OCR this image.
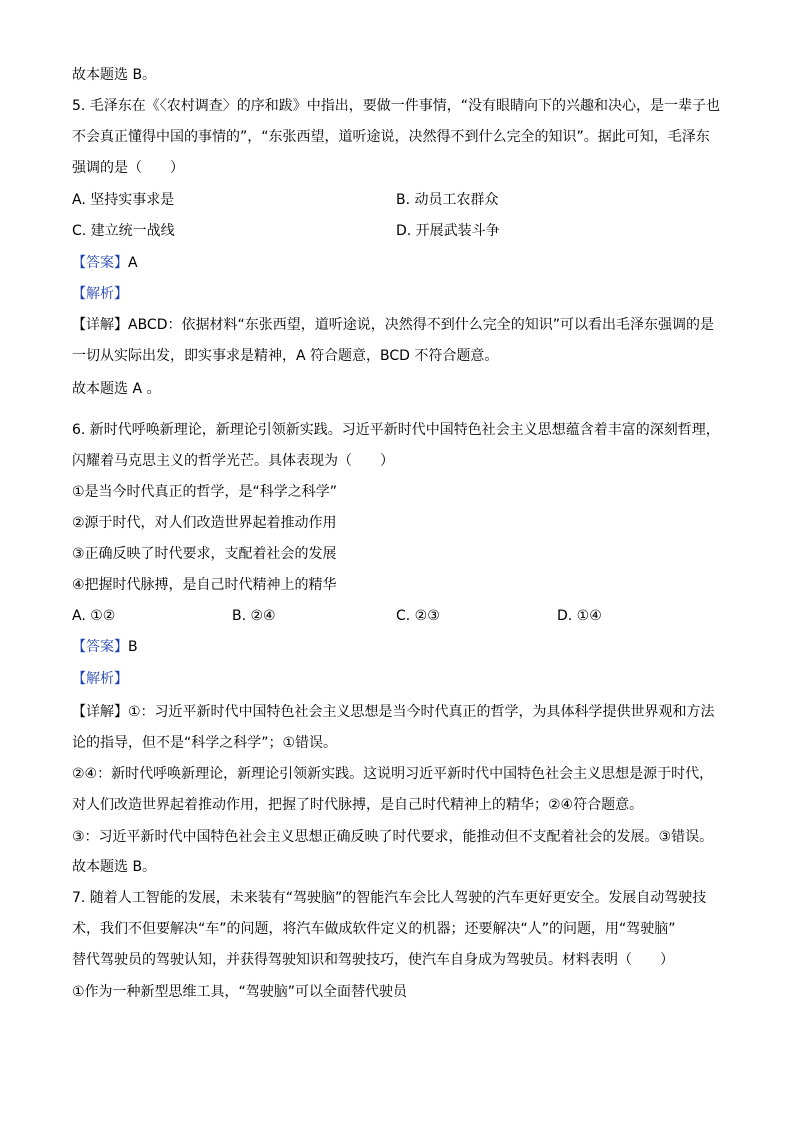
故本题选 B。
5. 毛泽东在《〈农村调查〉的序和跋》中指出，要做一件事情，“没有眼睛向下的兴趣和决心，是一辈子也
不会真正懂得中国的事情的”，“东张西望，道听途说，决然得不到什么完全的知识”。据此可知，毛泽东
强调的是（　　）
A. 坚持实事求是	B. 动员工农群众
C. 建立统一战线	D. 开展武装斗争
【答案】A
【解析】
【详解】ABCD：依据材料“东张西望，道听途说，决然得不到什么完全的知识”可以看出毛泽东强调的是
一切从实际出发，即实事求是精神，A 符合题意，BCD 不符合题意。
故本题选 A 。
6. 新时代呼唤新理论，新理论引领新实践。习近平新时代中国特色社会主义思想蕴含着丰富的深刻哲理，
闪耀着马克思主义的哲学光芒。具体表现为（　　）
①是当今时代真正的哲学，是“科学之科学”
②源于时代，对人们改造世界起着推动作用
③正确反映了时代要求，支配着社会的发展
④把握时代脉搏，是自己时代精神上的精华
A. ①②	B. ②④	C. ②③	D. ①④
【答案】B
【解析】
【详解】①：习近平新时代中国特色社会主义思想是当今时代真正的哲学，为具体科学提供世界观和方法
论的指导，但不是“科学之科学”；①错误。
②④：新时代呼唤新理论，新理论引领新实践。这说明习近平新时代中国特色社会主义思想是源于时代，
对人们改造世界起着推动作用，把握了时代脉搏，是自己时代精神上的精华；②④符合题意。
③：习近平新时代中国特色社会主义思想正确反映了时代要求，能推动但不支配着社会的发展。③错误。
故本题选 B。
7. 随着人工智能的发展，未来装有“驾驶脑”的智能汽车会比人驾驶的汽车更好更安全。发展自动驾驶技
术，我们不但要解决“车”的问题，将汽车做成软件定义的机器；还要解决“人”的问题，用“驾驶脑”
替代驾驶员的驾驶认知，并获得驾驶知识和驾驶技巧，使汽车自身成为驾驶员。材料表明（　　）
①作为一种新型思维工具，“驾驶脑”可以全面替代驶员
